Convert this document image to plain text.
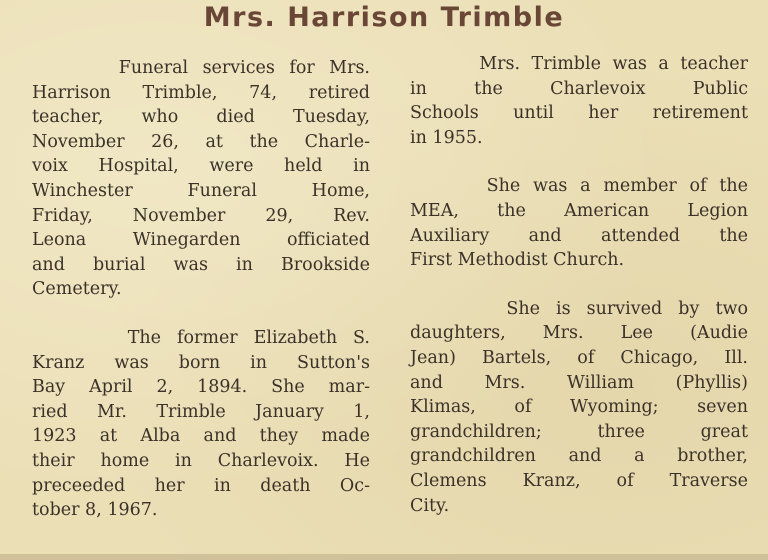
Mrs. Harrison Trimble
Funeral services for Mrs.
Harrison Trimble, 74, retired
teacher, who died Tuesday,
November 26, at the Charle-
voix Hospital, were held in
Winchester Funeral Home,
Friday, November 29, Rev.
Leona Winegarden officiated
and burial was in Brookside
Cemetery.
The former Elizabeth S.
Kranz was born in Sutton's
Bay April 2, 1894. She mar-
ried Mr. Trimble January 1,
1923 at Alba and they made
their home in Charlevoix. He
preceeded her in death Oc-
tober 8, 1967.
Mrs. Trimble was a teacher
in the Charlevoix Public
Schools until her retirement
in 1955.
She was a member of the
MEA, the American Legion
Auxiliary and attended the
First Methodist Church.
She is survived by two
daughters, Mrs. Lee (Audie
Jean) Bartels, of Chicago, Ill.
and Mrs. William (Phyllis)
Klimas, of Wyoming; seven
grandchildren; three great
grandchildren and a brother,
Clemens Kranz, of Traverse
City.
